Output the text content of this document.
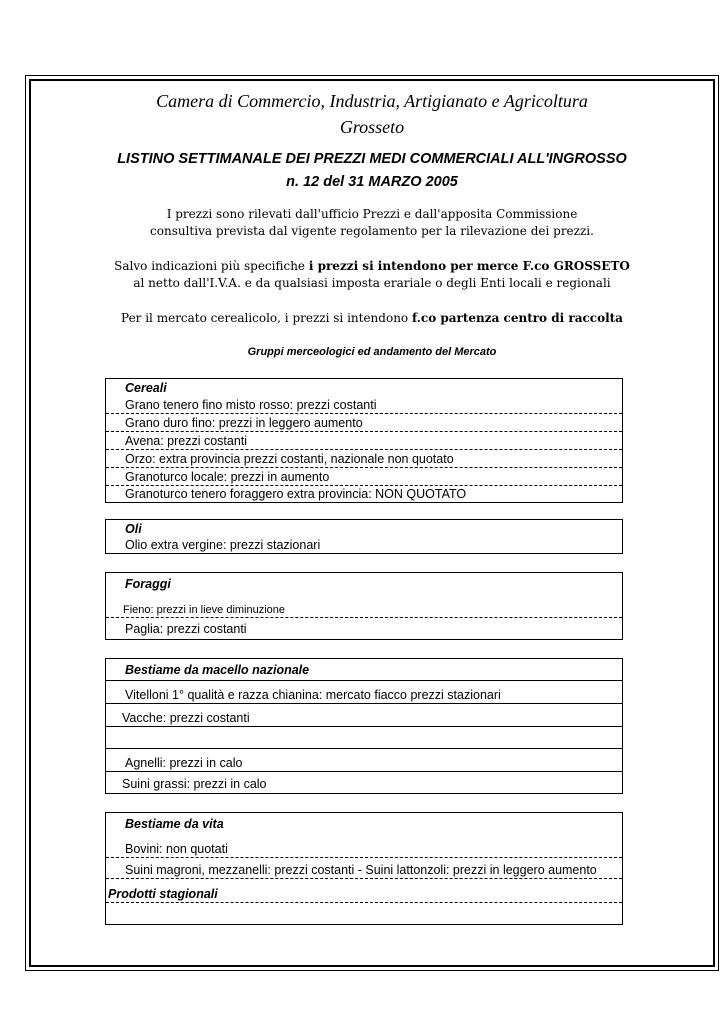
Camera di Commercio, Industria, Artigianato e Agricoltura
Grosseto
LISTINO SETTIMANALE DEI PREZZI MEDI COMMERCIALI ALL'INGROSSO
n. 12 del 31 MARZO 2005
I prezzi sono rilevati dall'ufficio Prezzi e dall'apposita Commissione
consultiva prevista dal vigente regolamento per la rilevazione dei prezzi.
Salvo indicazioni più specifiche i prezzi si intendono per merce F.co GROSSETO
al netto dall'I.V.A. e da qualsiasi imposta erariale o degli Enti locali e regionali
Per il mercato cerealicolo, i prezzi si intendono f.co partenza centro di raccolta
Gruppi merceologici ed andamento del Mercato
Cereali
Grano tenero fino misto rosso: prezzi costanti
Grano duro fino: prezzi in leggero aumento
Avena: prezzi costanti
Orzo: extra provincia prezzi costanti, nazionale non quotato
Granoturco locale: prezzi in aumento
Granoturco tenero foraggero extra provincia: NON QUOTATO
Oli
Olio extra vergine: prezzi stazionari
Foraggi
Fieno: prezzi in lieve diminuzione
Paglia: prezzi costanti
Bestiame da macello nazionale
Vitelloni 1° qualità e razza chianina: mercato fiacco prezzi stazionari
Vacche: prezzi costanti
Agnelli: prezzi in calo
Suini grassi: prezzi in calo
Bestiame da vita
Bovini: non quotati
Suini magroni, mezzanelli: prezzi costanti - Suini lattonzoli: prezzi in leggero aumento
Prodotti stagionali
